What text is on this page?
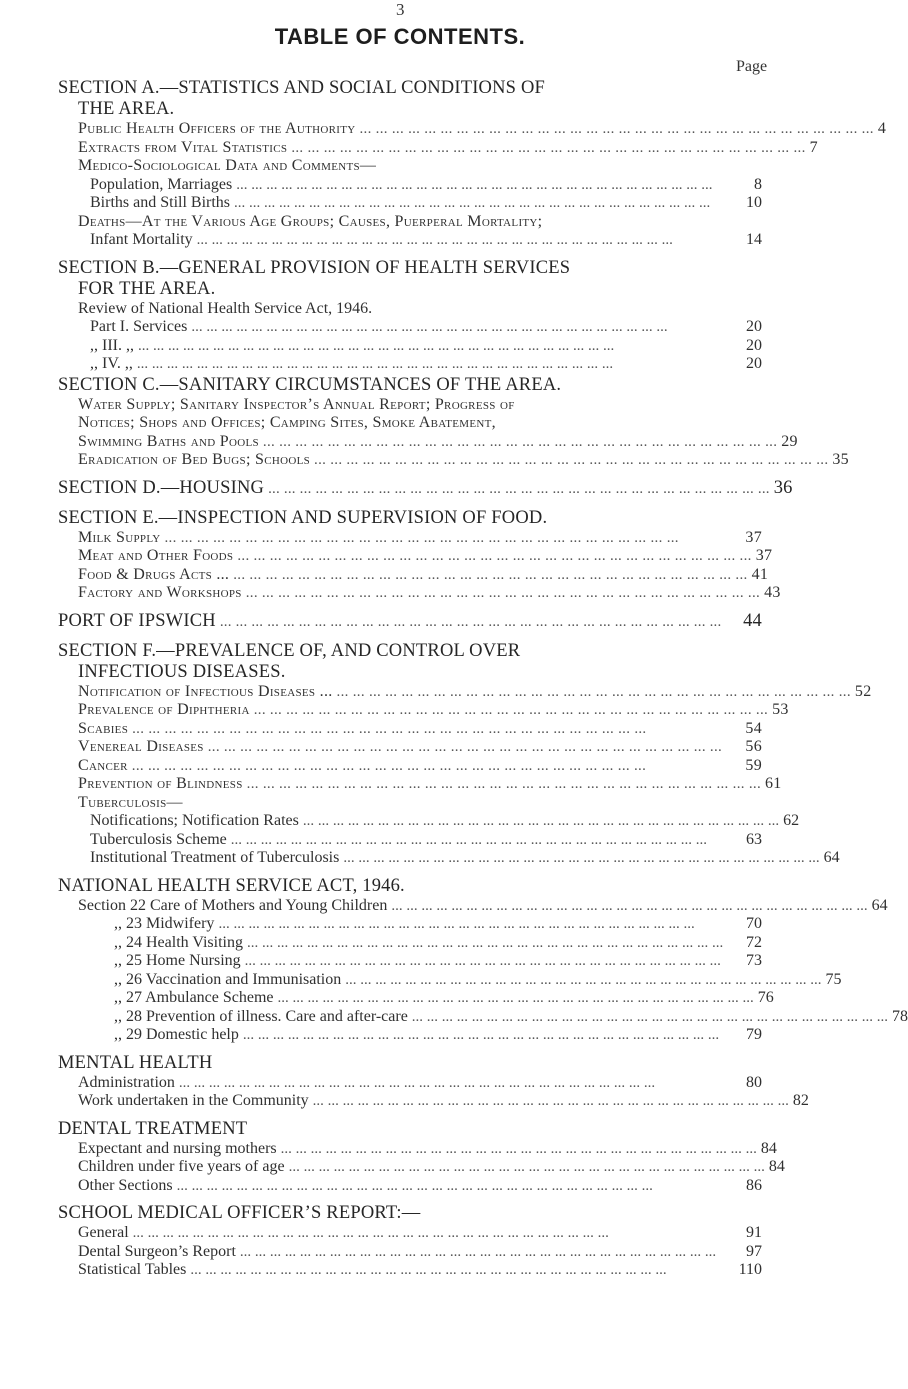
3
TABLE OF CONTENTS.
Page
SECTION A.—STATISTICS AND SOCIAL CONDITIONS OF
THE AREA.
Public Health Officers of the Authority ... ... ... ... ... ... ... ... ... ... ... ... ... ... ... ... ... ... ... ... ... ... ... ... ... ... ... ... ... ... ... ... 4
Extracts from Vital Statistics ... ... ... ... ... ... ... ... ... ... ... ... ... ... ... ... ... ... ... ... ... ... ... ... ... ... ... ... ... ... ... ... 7
Medico-Sociological Data and Comments—
Population, Marriages ... ... ... ... ... ... ... ... ... ... ... ... ... ... ... ... ... ... ... ... ... ... ... ... ... ... ... ... ... ... ... ...	8
Births and Still Births ... ... ... ... ... ... ... ... ... ... ... ... ... ... ... ... ... ... ... ... ... ... ... ... ... ... ... ... ... ... ... ...	10
Deaths—At the Various Age Groups; Causes, Puerperal Mortality;
Infant Mortality ... ... ... ... ... ... ... ... ... ... ... ... ... ... ... ... ... ... ... ... ... ... ... ... ... ... ... ... ... ... ... ...	14
SECTION B.—GENERAL PROVISION OF HEALTH SERVICES
FOR THE AREA.
Review of National Health Service Act, 1946.
Part I. Services ... ... ... ... ... ... ... ... ... ... ... ... ... ... ... ... ... ... ... ... ... ... ... ... ... ... ... ... ... ... ... ...	20
,, III. ,, ... ... ... ... ... ... ... ... ... ... ... ... ... ... ... ... ... ... ... ... ... ... ... ... ... ... ... ... ... ... ... ...	20
,, IV. ,, ... ... ... ... ... ... ... ... ... ... ... ... ... ... ... ... ... ... ... ... ... ... ... ... ... ... ... ... ... ... ... ...	20
SECTION C.—SANITARY CIRCUMSTANCES OF THE AREA.
Water Supply; Sanitary Inspector’s Annual Report; Progress of
Notices; Shops and Offices; Camping Sites, Smoke Abatement,
Swimming Baths and Pools ... ... ... ... ... ... ... ... ... ... ... ... ... ... ... ... ... ... ... ... ... ... ... ... ... ... ... ... ... ... ... ... 29
Eradication of Bed Bugs; Schools ... ... ... ... ... ... ... ... ... ... ... ... ... ... ... ... ... ... ... ... ... ... ... ... ... ... ... ... ... ... ... ... 35
SECTION D.—HOUSING ... ... ... ... ... ... ... ... ... ... ... ... ... ... ... ... ... ... ... ... ... ... ... ... ... ... ... ... ... ... ... ... 36
SECTION E.—INSPECTION AND SUPERVISION OF FOOD.
Milk Supply ... ... ... ... ... ... ... ... ... ... ... ... ... ... ... ... ... ... ... ... ... ... ... ... ... ... ... ... ... ... ... ...	37
Meat and Other Foods ... ... ... ... ... ... ... ... ... ... ... ... ... ... ... ... ... ... ... ... ... ... ... ... ... ... ... ... ... ... ... ... 37
Food & Drugs Acts ... ... ... ... ... ... ... ... ... ... ... ... ... ... ... ... ... ... ... ... ... ... ... ... ... ... ... ... ... ... ... ... ... 41
Factory and Workshops ... ... ... ... ... ... ... ... ... ... ... ... ... ... ... ... ... ... ... ... ... ... ... ... ... ... ... ... ... ... ... ... 43
PORT OF IPSWICH ... ... ... ... ... ... ... ... ... ... ... ... ... ... ... ... ... ... ... ... ... ... ... ... ... ... ... ... ... ... ... ...	44
SECTION F.—PREVALENCE OF, AND CONTROL OVER
INFECTIOUS DISEASES.
Notification of Infectious Diseases ... ... ... ... ... ... ... ... ... ... ... ... ... ... ... ... ... ... ... ... ... ... ... ... ... ... ... ... ... ... ... ... ... 52
Prevalence of Diphtheria ... ... ... ... ... ... ... ... ... ... ... ... ... ... ... ... ... ... ... ... ... ... ... ... ... ... ... ... ... ... ... ... 53
Scabies ... ... ... ... ... ... ... ... ... ... ... ... ... ... ... ... ... ... ... ... ... ... ... ... ... ... ... ... ... ... ... ...	54
Venereal Diseases ... ... ... ... ... ... ... ... ... ... ... ... ... ... ... ... ... ... ... ... ... ... ... ... ... ... ... ... ... ... ... ...	56
Cancer ... ... ... ... ... ... ... ... ... ... ... ... ... ... ... ... ... ... ... ... ... ... ... ... ... ... ... ... ... ... ... ...	59
Prevention of Blindness ... ... ... ... ... ... ... ... ... ... ... ... ... ... ... ... ... ... ... ... ... ... ... ... ... ... ... ... ... ... ... ... 61
Tuberculosis—
Notifications; Notification Rates ... ... ... ... ... ... ... ... ... ... ... ... ... ... ... ... ... ... ... ... ... ... ... ... ... ... ... ... ... ... ... ... 62
Tuberculosis Scheme ... ... ... ... ... ... ... ... ... ... ... ... ... ... ... ... ... ... ... ... ... ... ... ... ... ... ... ... ... ... ... ...	63
Institutional Treatment of Tuberculosis ... ... ... ... ... ... ... ... ... ... ... ... ... ... ... ... ... ... ... ... ... ... ... ... ... ... ... ... ... ... ... ... 64
NATIONAL HEALTH SERVICE ACT, 1946.
Section 22 Care of Mothers and Young Children ... ... ... ... ... ... ... ... ... ... ... ... ... ... ... ... ... ... ... ... ... ... ... ... ... ... ... ... ... ... ... ... 64
,, 23 Midwifery ... ... ... ... ... ... ... ... ... ... ... ... ... ... ... ... ... ... ... ... ... ... ... ... ... ... ... ... ... ... ... ...	70
,, 24 Health Visiting ... ... ... ... ... ... ... ... ... ... ... ... ... ... ... ... ... ... ... ... ... ... ... ... ... ... ... ... ... ... ... ...	72
,, 25 Home Nursing ... ... ... ... ... ... ... ... ... ... ... ... ... ... ... ... ... ... ... ... ... ... ... ... ... ... ... ... ... ... ... ...	73
,, 26 Vaccination and Immunisation ... ... ... ... ... ... ... ... ... ... ... ... ... ... ... ... ... ... ... ... ... ... ... ... ... ... ... ... ... ... ... ... 75
,, 27 Ambulance Scheme ... ... ... ... ... ... ... ... ... ... ... ... ... ... ... ... ... ... ... ... ... ... ... ... ... ... ... ... ... ... ... ... 76
,, 28 Prevention of illness. Care and after-care ... ... ... ... ... ... ... ... ... ... ... ... ... ... ... ... ... ... ... ... ... ... ... ... ... ... ... ... ... ... ... ... 78
,, 29 Domestic help ... ... ... ... ... ... ... ... ... ... ... ... ... ... ... ... ... ... ... ... ... ... ... ... ... ... ... ... ... ... ... ...	79
MENTAL HEALTH
Administration ... ... ... ... ... ... ... ... ... ... ... ... ... ... ... ... ... ... ... ... ... ... ... ... ... ... ... ... ... ... ... ...	80
Work undertaken in the Community ... ... ... ... ... ... ... ... ... ... ... ... ... ... ... ... ... ... ... ... ... ... ... ... ... ... ... ... ... ... ... ... 82
DENTAL TREATMENT
Expectant and nursing mothers ... ... ... ... ... ... ... ... ... ... ... ... ... ... ... ... ... ... ... ... ... ... ... ... ... ... ... ... ... ... ... ... 84
Children under five years of age ... ... ... ... ... ... ... ... ... ... ... ... ... ... ... ... ... ... ... ... ... ... ... ... ... ... ... ... ... ... ... ... 84
Other Sections ... ... ... ... ... ... ... ... ... ... ... ... ... ... ... ... ... ... ... ... ... ... ... ... ... ... ... ... ... ... ... ...	86
SCHOOL MEDICAL OFFICER’S REPORT:—
General ... ... ... ... ... ... ... ... ... ... ... ... ... ... ... ... ... ... ... ... ... ... ... ... ... ... ... ... ... ... ... ...	91
Dental Surgeon’s Report ... ... ... ... ... ... ... ... ... ... ... ... ... ... ... ... ... ... ... ... ... ... ... ... ... ... ... ... ... ... ... ...	97
Statistical Tables ... ... ... ... ... ... ... ... ... ... ... ... ... ... ... ... ... ... ... ... ... ... ... ... ... ... ... ... ... ... ... ...	110
